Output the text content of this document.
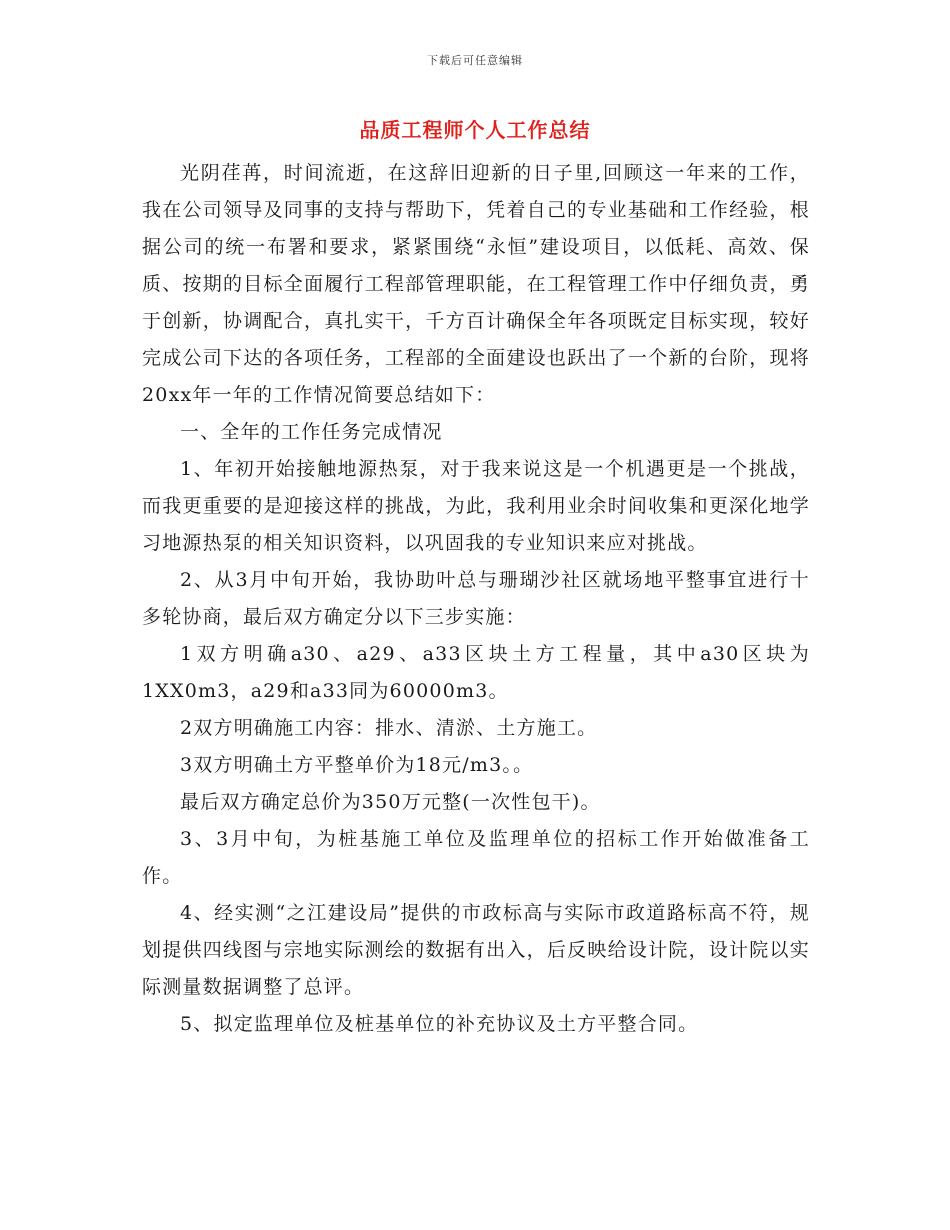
下载后可任意编辑
品质工程师个人工作总结

光阴荏苒，时间流逝，在这辞旧迎新的日子里,回顾这一年来的工作，我在公司领导及同事的支持与帮助下，凭着自己的专业基础和工作经验，根据公司的统一布署和要求，紧紧围绕“永恒”建设项目，以低耗、高效、保质、按期的目标全面履行工程部管理职能，在工程管理工作中仔细负责，勇于创新，协调配合，真扎实干，千方百计确保全年各项既定目标实现，较好完成公司下达的各项任务，工程部的全面建设也跃出了一个新的台阶，现将20xx年一年的工作情况简要总结如下：

一、全年的工作任务完成情况

1、年初开始接触地源热泵，对于我来说这是一个机遇更是一个挑战，而我更重要的是迎接这样的挑战，为此，我利用业余时间收集和更深化地学习地源热泵的相关知识资料，以巩固我的专业知识来应对挑战。

2、从3月中旬开始，我协助叶总与珊瑚沙社区就场地平整事宜进行十多轮协商，最后双方确定分以下三步实施：

1双方明确a30、a29、a33区块土方工程量，其中a30区块为1XX0m3，a29和a33同为60000m3。

2双方明确施工内容：排水、清淤、土方施工。

3双方明确土方平整单价为18元/m3。。

最后双方确定总价为350万元整(一次性包干)。

3、3月中旬，为桩基施工单位及监理单位的招标工作开始做准备工作。

4、经实测“之江建设局”提供的市政标高与实际市政道路标高不符，规划提供四线图与宗地实际测绘的数据有出入，后反映给设计院，设计院以实际测量数据调整了总评。

5、拟定监理单位及桩基单位的补充协议及土方平整合同。
